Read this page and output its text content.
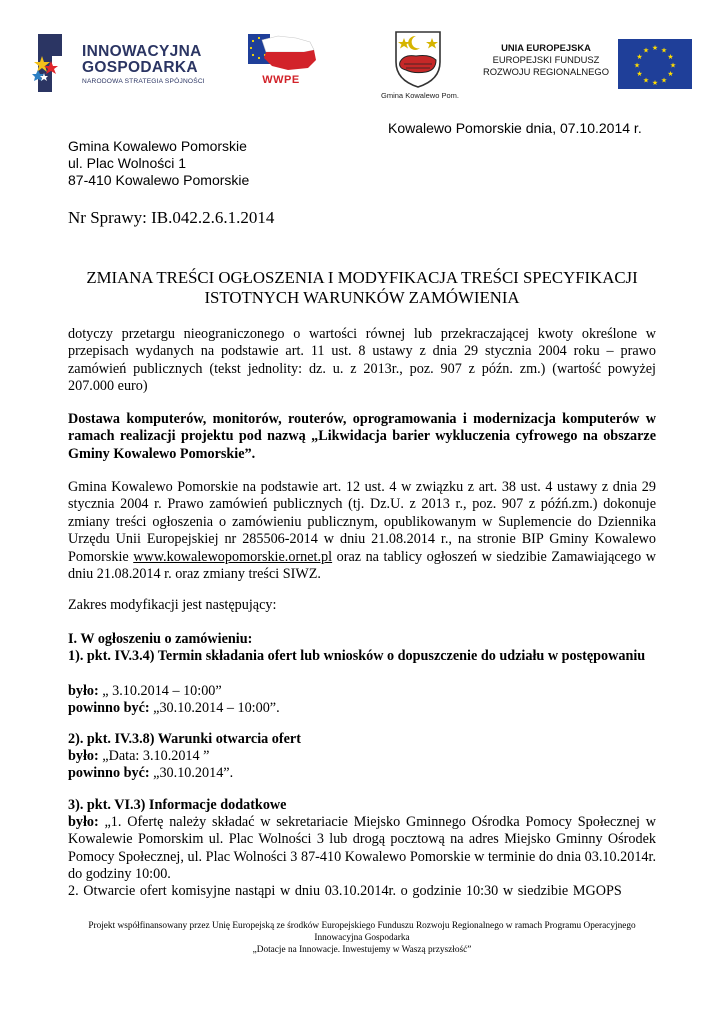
INNOWACYJNA
GOSPODARKA
NARODOWA STRATEGIA SPÓJNOŚCI	WWPE
Gmina Kowalewo Pom.
UNIA EUROPEJSKA
EUROPEJSKI FUNDUSZ
ROZWOJU REGIONALNEGO
★ ★
★
★
★
★
★
★
★
★
★
★
Kowalewo Pomorskie dnia, 07.10.2014 r.
Gmina Kowalewo Pomorskie
ul. Plac Wolności 1
87-410 Kowalewo Pomorskie
Nr Sprawy: IB.042.2.6.1.2014
ZMIANA TREŚCI OGŁOSZENIA I MODYFIKACJA TREŚCI SPECYFIKACJI
ISTOTNYCH WARUNKÓW ZAMÓWIENIA
dotyczy przetargu nieograniczonego o wartości równej lub przekraczającej kwoty określone w przepisach wydanych na podstawie art. 11 ust. 8 ustawy z dnia 29 stycznia 2004 roku – prawo zamówień publicznych (tekst jednolity: dz. u. z 2013r., poz. 907 z późn. zm.) (wartość powyżej 207.000 euro)
Dostawa komputerów, monitorów, routerów, oprogramowania i modernizacja komputerów w ramach realizacji projektu pod nazwą „Likwidacja barier wykluczenia cyfrowego na obszarze Gminy Kowalewo Pomorskie”.
Gmina Kowalewo Pomorskie na podstawie art. 12 ust. 4 w związku z art. 38 ust. 4 ustawy z dnia 29 stycznia 2004 r. Prawo zamówień publicznych (tj. Dz.U. z 2013 r., poz. 907 z późń.zm.) dokonuje zmiany treści ogłoszenia o zamówieniu publicznym, opublikowanym w Suplemencie do Dziennika Urzędu Unii Europejskiej nr 285506-2014 w dniu 21.08.2014 r., na stronie BIP Gminy Kowalewo Pomorskie www.kowalewopomorskie.ornet.pl oraz na tablicy ogłoszeń w siedzibie Zamawiającego w dniu 21.08.2014 r. oraz zmiany treści SIWZ.
Zakres modyfikacji jest następujący:
I. W ogłoszeniu o zamówieniu:
1). pkt. IV.3.4) Termin składania ofert lub wniosków o dopuszczenie do udziału w postępowaniu
było: „ 3.10.2014 – 10:00”
powinno być: „30.10.2014 – 10:00”.
2). pkt. IV.3.8) Warunki otwarcia ofert
było: „Data: 3.10.2014 ”
powinno być: „30.10.2014”.
3). pkt. VI.3) Informacje dodatkowe
było: „1. Ofertę należy składać w sekretariacie Miejsko Gminnego Ośrodka Pomocy Społecznej w Kowalewie Pomorskim ul. Plac Wolności 3 lub drogą pocztową na adres Miejsko Gminny Ośrodek Pomocy Społecznej, ul. Plac Wolności 3 87-410 Kowalewo Pomorskie w terminie do dnia 03.10.2014r. do godziny 10:00.
2. Otwarcie ofert komisyjne nastąpi w dniu 03.10.2014r. o godzinie 10:30 w siedzibie MGOPS
Projekt współfinansowany przez Unię Europejską ze środków Europejskiego Funduszu Rozwoju Regionalnego w ramach Programu Operacyjnego
Innowacyjna Gospodarka
„Dotacje na Innowacje. Inwestujemy w Waszą przyszłość”
